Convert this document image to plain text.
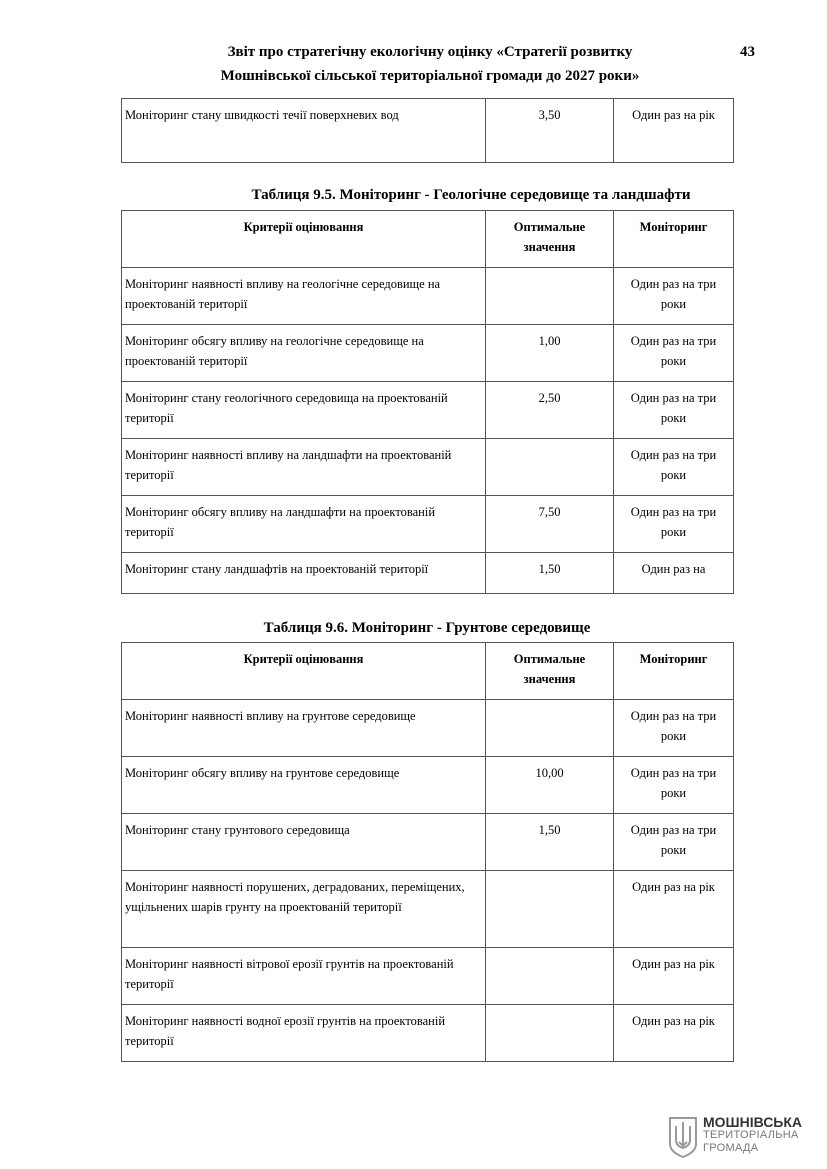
Звіт про стратегічну екологічну оцінку «Стратегії розвитку
Мошнівської сільської територіальної громади до 2027 роки»
43
Моніторинг стану швидкості течії поверхневих вод	3,50	Один раз на рік
Таблиця 9.5. Моніторинг - Геологічне середовище та ландшафти
Критерії оцінювання	Оптимальне значення	Моніторинг
Моніторинг наявності впливу на геологічне середовище на проектованій території		Один раз на три роки
Моніторинг обсягу впливу на геологічне середовище на проектованій території	1,00	Один раз на три роки
Моніторинг стану геологічного середовища на проектованій території	2,50	Один раз на три роки
Моніторинг наявності впливу на ландшафти на проектованій території		Один раз на три роки
Моніторинг обсягу впливу на ландшафти на проектованій території	7,50	Один раз на три роки
Моніторинг стану ландшафтів на проектованій території	1,50	Один раз на
Таблиця 9.6. Моніторинг - Грунтове середовище
Критерії оцінювання	Оптимальне значення	Моніторинг
Моніторинг наявності впливу на грунтове середовище		Один раз на три роки
Моніторинг обсягу впливу на грунтове середовище	10,00	Один раз на три роки
Моніторинг стану грунтового середовища	1,50	Один раз на три роки
Моніторинг наявності порушених, деградованих, переміщених, ущільнених шарів грунту на проектованій території		Один раз на рік
Моніторинг наявності вітрової ерозії грунтів на проектованій території		Один раз на рік
Моніторинг наявності водної ерозії грунтів на проектованій території		Один раз на рік
МОШНІВСЬКА
ТЕРИТОРІАЛЬНА
ГРОМАДА
